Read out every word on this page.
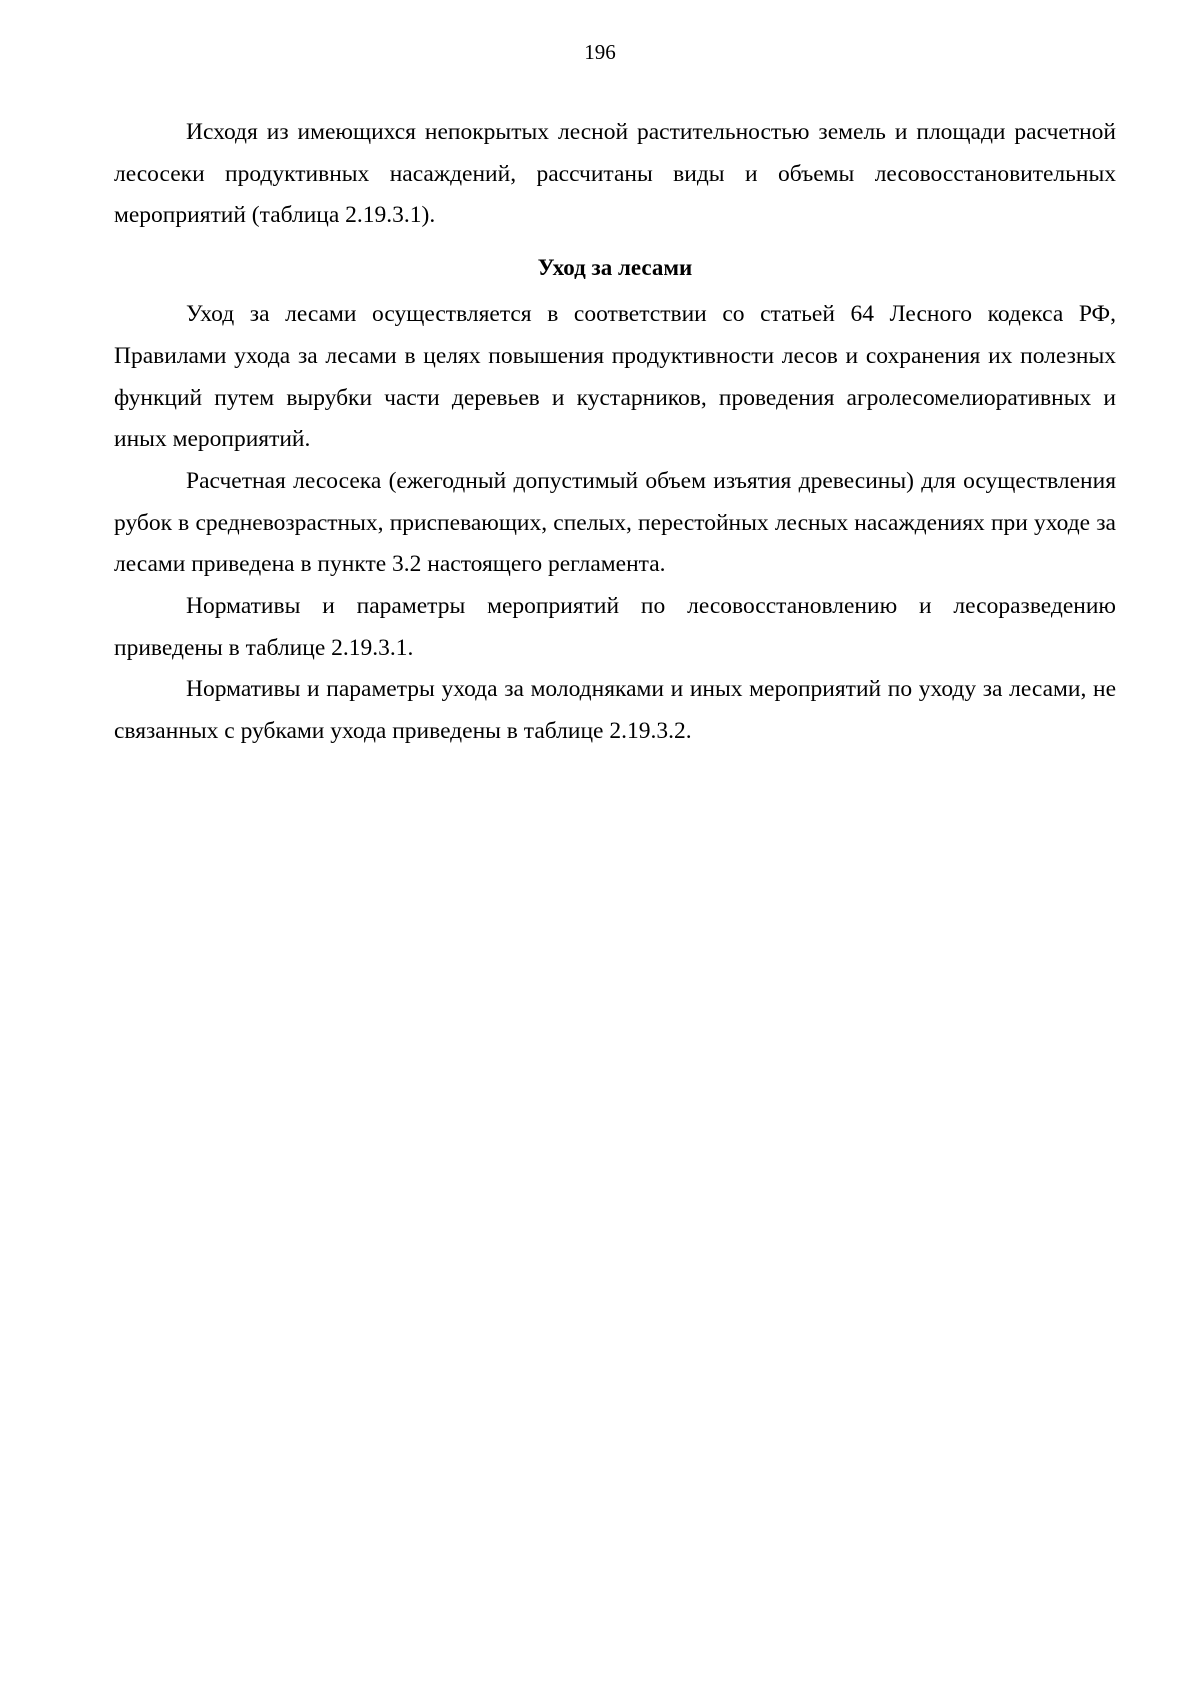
196

Исходя из имеющихся непокрытых лесной растительностью земель и площади расчетной лесосеки продуктивных насаждений, рассчитаны виды и объемы лесовосстановительных мероприятий (таблица 2.19.3.1).

Уход за лесами

Уход за лесами осуществляется в соответствии со статьей 64 Лесного кодекса РФ, Правилами ухода за лесами в целях повышения продуктивности лесов и сохранения их полезных функций путем вырубки части деревьев и кустарников, проведения агролесомелиоративных и иных мероприятий.

Расчетная лесосека (ежегодный допустимый объем изъятия древесины) для осуществления рубок в средневозрастных, приспевающих, спелых, перестойных лесных насаждениях при уходе за лесами приведена в пункте 3.2 настоящего регламента.

Нормативы и параметры мероприятий по лесовосстановлению и лесоразведению приведены в таблице 2.19.3.1.

Нормативы и параметры ухода за молодняками и иных мероприятий по уходу за лесами, не связанных с рубками ухода приведены в таблице 2.19.3.2.
